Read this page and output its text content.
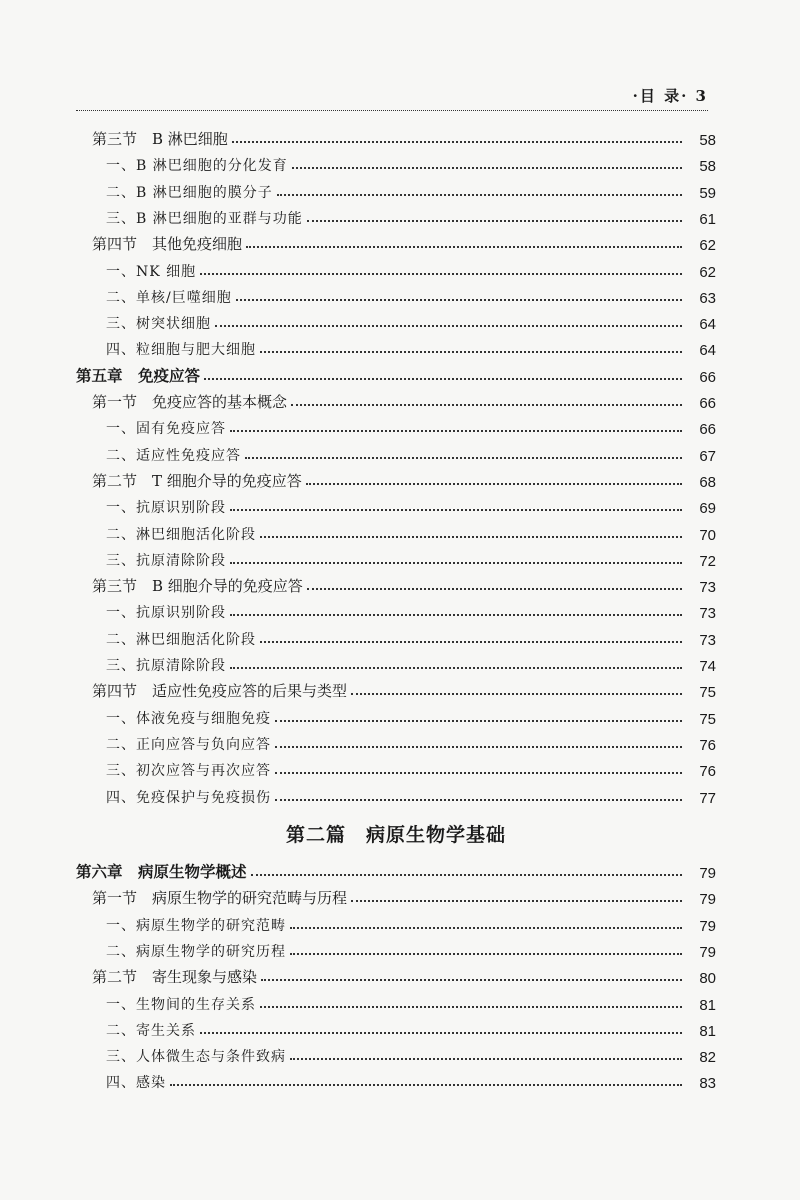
·目 录· 3
第二篇　病原生物学基础
第三节　B 淋巴细胞	58
一、B 淋巴细胞的分化发育	58
二、B 淋巴细胞的膜分子	59
三、B 淋巴细胞的亚群与功能	61
第四节　其他免疫细胞	62
一、NK 细胞	62
二、单核/巨噬细胞	63
三、树突状细胞	64
四、粒细胞与肥大细胞	64
第五章　免疫应答	66
第一节　免疫应答的基本概念	66
一、固有免疫应答	66
二、适应性免疫应答	67
第二节　T 细胞介导的免疫应答	68
一、抗原识别阶段	69
二、淋巴细胞活化阶段	70
三、抗原清除阶段	72
第三节　B 细胞介导的免疫应答	73
一、抗原识别阶段	73
二、淋巴细胞活化阶段	73
三、抗原清除阶段	74
第四节　适应性免疫应答的后果与类型	75
一、体液免疫与细胞免疫	75
二、正向应答与负向应答	76
三、初次应答与再次应答	76
四、免疫保护与免疫损伤	77
第六章　病原生物学概述	79
第一节　病原生物学的研究范畴与历程	79
一、病原生物学的研究范畴	79
二、病原生物学的研究历程	79
第二节　寄生现象与感染	80
一、生物间的生存关系	81
二、寄生关系	81
三、人体微生态与条件致病	82
四、感染	83
